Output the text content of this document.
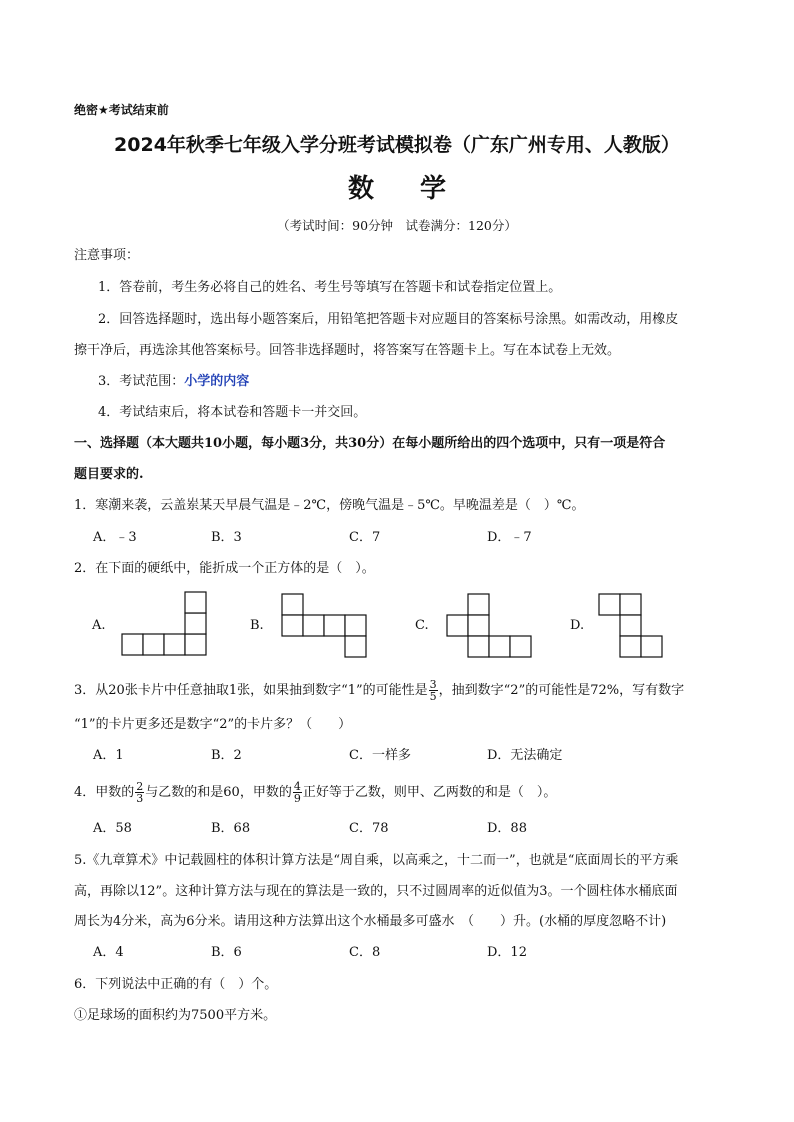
绝密★考试结束前
2024年秋季七年级入学分班考试模拟卷（广东广州专用、人教版）
数学
（考试时间：90分钟　试卷满分：120分）
注意事项：
1．答卷前，考生务必将自己的姓名、考生号等填写在答题卡和试卷指定位置上。
2．回答选择题时，选出每小题答案后，用铅笔把答题卡对应题目的答案标号涂黑。如需改动，用橡皮
擦干净后，再选涂其他答案标号。回答非选择题时，将答案写在答题卡上。写在本试卷上无效。
3．考试范围：小学的内容
4．考试结束后，将本试卷和答题卡一并交回。
一、选择题（本大题共10小题，每小题3分，共30分）在每小题所给出的四个选项中，只有一项是符合
题目要求的.
1．寒潮来袭，云盖岽某天早晨气温是﹣2℃，傍晚气温是﹣5℃。早晚温差是（　）℃。
A．﹣3	B．3	C．7	D．﹣7
2．在下面的硬纸中，能折成一个正方体的是（　）。
A.	B.	C.	D.
3．从20张卡片中任意抽取1张，如果抽到数字“1”的可能性是 $\frac{3}{5}$ ，抽到数字“2”的可能性是72%，写有数字
“1”的卡片更多还是数字“2”的卡片多？（　　）
A．1	B．2	C．一样多	D．无法确定
4．甲数的 $\frac{2}{3}$ 与乙数的和是60，甲数的 $\frac{4}{9}$ 正好等于乙数，则甲、乙两数的和是（　）。
A．58	B．68	C．78	D．88
5.《九章算术》中记载圆柱的体积计算方法是“周自乘，以高乘之，十二而一”，也就是“底面周长的平方乘
高，再除以12”。这种计算方法与现在的算法是一致的，只不过圆周率的近似值为3。一个圆柱体水桶底面
周长为4分米，高为6分米。请用这种方法算出这个水桶最多可盛水　（　　）升。(水桶的厚度忽略不计)
A．4	B．6	C．8	D．12
6．下列说法中正确的有（　）个。
①足球场的面积约为7500平方米。
